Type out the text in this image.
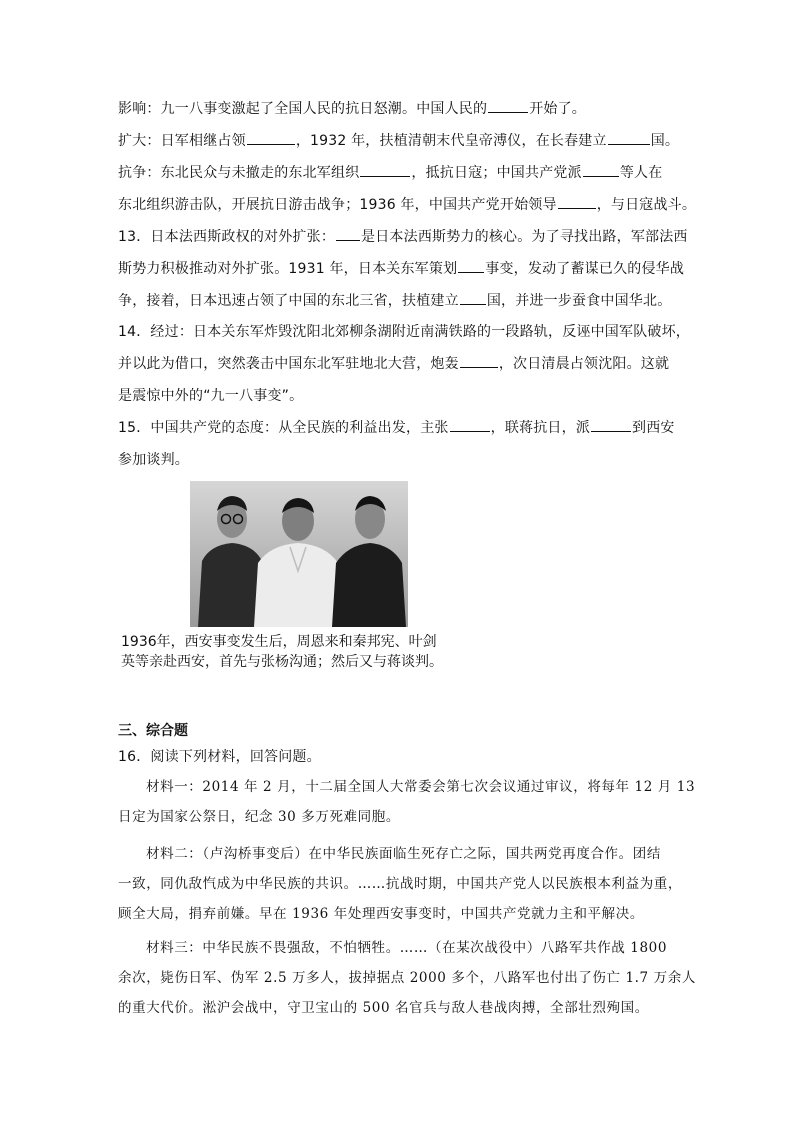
影响：九一八事变激起了全国人民的抗日怒潮。中国人民的	开始了。
扩大：日军相继占领	，1932 年，扶植清朝末代皇帝溥仪，在长春建立	国。
抗争：东北民众与未撤走的东北军组织	，抵抗日寇；中国共产党派	等人在
东北组织游击队，开展抗日游击战争；1936 年，中国共产党开始领导	，与日寇战斗。
13．日本法西斯政权的对外扩张： 是日本法西斯势力的核心。为了寻找出路，军部法西
斯势力积极推动对外扩张。1931 年，日本关东军策划 事变，发动了蓄谋已久的侵华战
争，接着，日本迅速占领了中国的东北三省，扶植建立 国，并进一步蚕食中国华北。
14．经过：日本关东军炸毁沈阳北郊柳条湖附近南满铁路的一段路轨，反诬中国军队破坏，
并以此为借口，突然袭击中国东北军驻地北大营，炮轰	，次日清晨占领沈阳。这就
是震惊中外的“九一八事变”。
15．中国共产党的态度：从全民族的利益出发，主张	，联蒋抗日，派	到西安
参加谈判。
1936年，西安事变发生后，周恩来和秦邦宪、叶剑
英等亲赴西安，首先与张杨沟通；然后又与蒋谈判。
三、综合题
16．阅读下列材料，回答问题。
材料一：2014 年 2 月，十二届全国人大常委会第七次会议通过审议，将每年 12 月 13
日定为国家公祭日，纪念 30 多万死难同胞。
材料二：（卢沟桥事变后）在中华民族面临生死存亡之际，国共两党再度合作。团结
一致，同仇敌忾成为中华民族的共识。……抗战时期，中国共产党人以民族根本利益为重，
顾全大局，捐弃前嫌。早在 1936 年处理西安事变时，中国共产党就力主和平解决。
材料三：中华民族不畏强敌，不怕牺牲。……（在某次战役中）八路军共作战 1800
余次，毙伤日军、伪军 2.5 万多人，拔掉据点 2000 多个，八路军也付出了伤亡 1.7 万余人
的重大代价。淞沪会战中，守卫宝山的 500 名官兵与敌人巷战肉搏，全部壮烈殉国。
